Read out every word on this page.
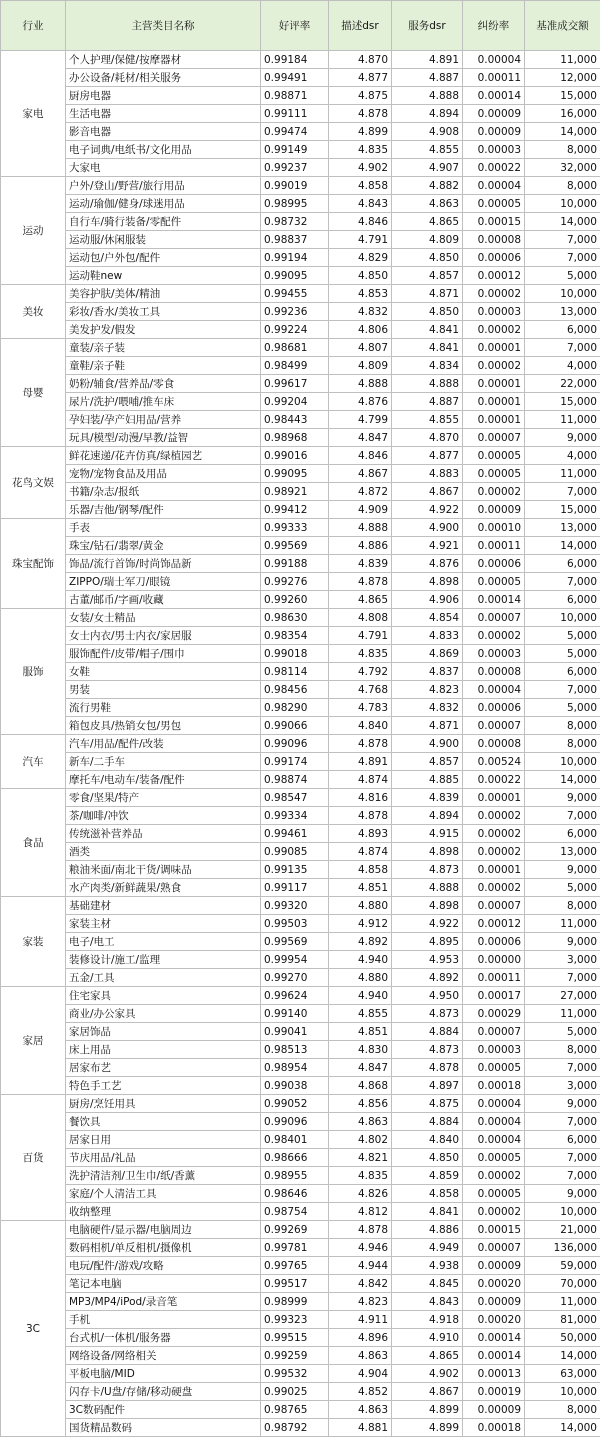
行业	主营类目名称	好评率	描述dsr	服务dsr	纠纷率	基准成交额
家电	个人护理/保健/按摩器材	0.99184	4.870	4.891	0.00004	11,000
	办公设备/耗材/相关服务	0.99491	4.877	4.887	0.00011	12,000
	厨房电器	0.98871	4.875	4.888	0.00014	15,000
	生活电器	0.99111	4.878	4.894	0.00009	16,000
	影音电器	0.99474	4.899	4.908	0.00009	14,000
	电子词典/电纸书/文化用品	0.99149	4.835	4.855	0.00003	8,000
	大家电	0.99237	4.902	4.907	0.00022	32,000
运动	户外/登山/野营/旅行用品	0.99019	4.858	4.882	0.00004	8,000
	运动/瑜伽/健身/球迷用品	0.98995	4.843	4.863	0.00005	10,000
	自行车/骑行装备/零配件	0.98732	4.846	4.865	0.00015	14,000
	运动服/休闲服装	0.98837	4.791	4.809	0.00008	7,000
	运动包/户外包/配件	0.99194	4.829	4.850	0.00006	7,000
	运动鞋new	0.99095	4.850	4.857	0.00012	5,000
美妆	美容护肤/美体/精油	0.99455	4.853	4.871	0.00002	10,000
	彩妆/香水/美妆工具	0.99236	4.832	4.850	0.00003	13,000
	美发护发/假发	0.99224	4.806	4.841	0.00002	6,000
母婴	童装/亲子装	0.98681	4.807	4.841	0.00001	7,000
	童鞋/亲子鞋	0.98499	4.809	4.834	0.00002	4,000
	奶粉/辅食/营养品/零食	0.99617	4.888	4.888	0.00001	22,000
	尿片/洗护/喂哺/推车床	0.99204	4.876	4.887	0.00001	15,000
	孕妇装/孕产妇用品/营养	0.98443	4.799	4.855	0.00001	11,000
	玩具/模型/动漫/早教/益智	0.98968	4.847	4.870	0.00007	9,000
花鸟文娱	鲜花速递/花卉仿真/绿植园艺	0.99016	4.846	4.877	0.00005	4,000
	宠物/宠物食品及用品	0.99095	4.867	4.883	0.00005	11,000
	书籍/杂志/报纸	0.98921	4.872	4.867	0.00002	7,000
	乐器/吉他/钢琴/配件	0.99412	4.909	4.922	0.00009	15,000
珠宝配饰	手表	0.99333	4.888	4.900	0.00010	13,000
	珠宝/钻石/翡翠/黄金	0.99569	4.886	4.921	0.00011	14,000
	饰品/流行首饰/时尚饰品新	0.99188	4.839	4.876	0.00006	6,000
	ZIPPO/瑞士军刀/眼镜	0.99276	4.878	4.898	0.00005	7,000
	古董/邮币/字画/收藏	0.99260	4.865	4.906	0.00014	6,000
服饰	女装/女士精品	0.98630	4.808	4.854	0.00007	10,000
	女士内衣/男士内衣/家居服	0.98354	4.791	4.833	0.00002	5,000
	服饰配件/皮带/帽子/围巾	0.99018	4.835	4.869	0.00003	5,000
	女鞋	0.98114	4.792	4.837	0.00008	6,000
	男装	0.98456	4.768	4.823	0.00004	7,000
	流行男鞋	0.98290	4.783	4.832	0.00006	5,000
	箱包皮具/热销女包/男包	0.99066	4.840	4.871	0.00007	8,000
汽车	汽车/用品/配件/改装	0.99096	4.878	4.900	0.00008	8,000
	新车/二手车	0.99174	4.891	4.857	0.00524	10,000
	摩托车/电动车/装备/配件	0.98874	4.874	4.885	0.00022	14,000
食品	零食/坚果/特产	0.98547	4.816	4.839	0.00001	9,000
	茶/咖啡/冲饮	0.99334	4.878	4.894	0.00002	7,000
	传统滋补营养品	0.99461	4.893	4.915	0.00002	6,000
	酒类	0.99085	4.874	4.898	0.00002	13,000
	粮油米面/南北干货/调味品	0.99135	4.858	4.873	0.00001	9,000
	水产肉类/新鲜蔬果/熟食	0.99117	4.851	4.888	0.00002	5,000
家装	基础建材	0.99320	4.880	4.898	0.00007	8,000
	家装主材	0.99503	4.912	4.922	0.00012	11,000
	电子/电工	0.99569	4.892	4.895	0.00006	9,000
	装修设计/施工/监理	0.99954	4.940	4.953	0.00000	3,000
	五金/工具	0.99270	4.880	4.892	0.00011	7,000
家居	住宅家具	0.99624	4.940	4.950	0.00017	27,000
	商业/办公家具	0.99140	4.855	4.873	0.00029	11,000
	家居饰品	0.99041	4.851	4.884	0.00007	5,000
	床上用品	0.98513	4.830	4.873	0.00003	8,000
	居家布艺	0.98954	4.847	4.878	0.00005	7,000
	特色手工艺	0.99038	4.868	4.897	0.00018	3,000
百货	厨房/烹饪用具	0.99052	4.856	4.875	0.00004	9,000
	餐饮具	0.99096	4.863	4.884	0.00004	7,000
	居家日用	0.98401	4.802	4.840	0.00004	6,000
	节庆用品/礼品	0.98666	4.821	4.850	0.00005	7,000
	洗护清洁剂/卫生巾/纸/香薰	0.98955	4.835	4.859	0.00002	7,000
	家庭/个人清洁工具	0.98646	4.826	4.858	0.00005	9,000
	收纳整理	0.98754	4.812	4.841	0.00002	10,000
3C	电脑硬件/显示器/电脑周边	0.99269	4.878	4.886	0.00015	21,000
	数码相机/单反相机/摄像机	0.99781	4.946	4.949	0.00007	136,000
	电玩/配件/游戏/攻略	0.99765	4.944	4.938	0.00009	59,000
	笔记本电脑	0.99517	4.842	4.845	0.00020	70,000
	MP3/MP4/iPod/录音笔	0.98999	4.823	4.843	0.00009	11,000
	手机	0.99323	4.911	4.918	0.00020	81,000
	台式机/一体机/服务器	0.99515	4.896	4.910	0.00014	50,000
	网络设备/网络相关	0.99259	4.863	4.865	0.00014	14,000
	平板电脑/MID	0.99532	4.904	4.902	0.00013	63,000
	闪存卡/U盘/存储/移动硬盘	0.99025	4.852	4.867	0.00019	10,000
	3C数码配件	0.98765	4.863	4.899	0.00009	8,000
	国货精品数码	0.98792	4.881	4.899	0.00018	14,000
